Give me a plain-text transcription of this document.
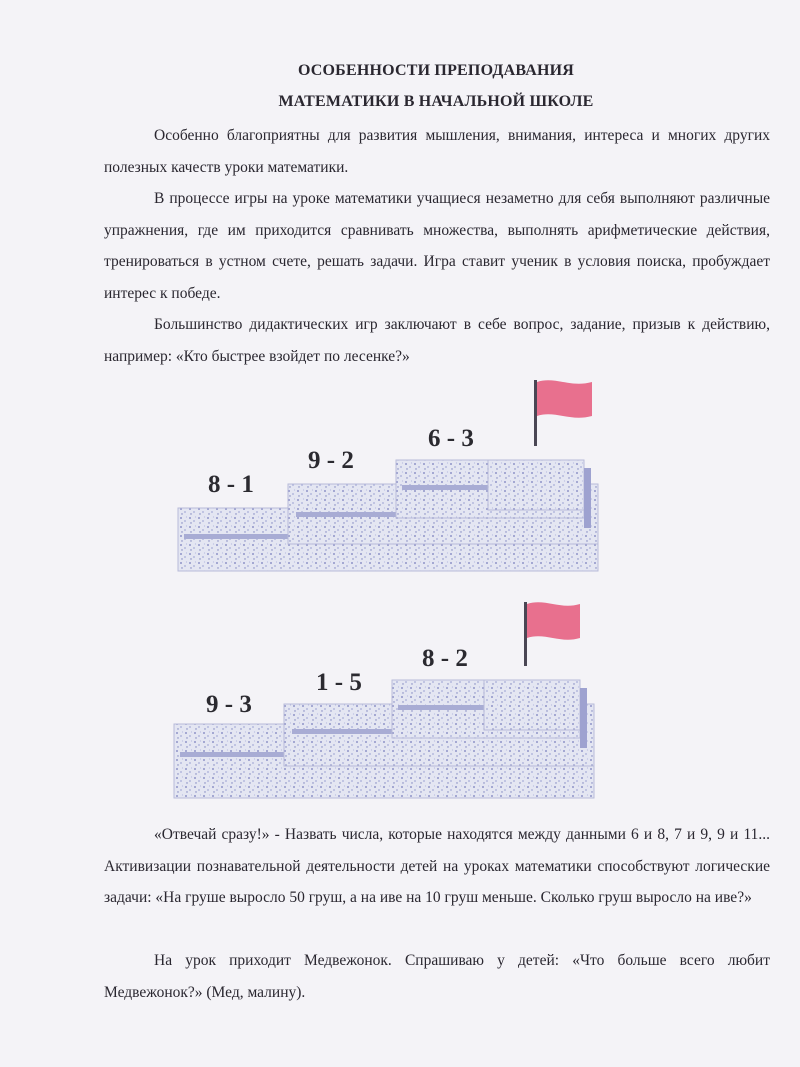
ОСОБЕННОСТИ ПРЕПОДАВАНИЯ
МАТЕМАТИКИ В НАЧАЛЬНОЙ ШКОЛЕ

Особенно благоприятны для развития мышления, внимания, интереса и многих других полезных качеств уроки математики.

В процессе игры на уроке математики учащиеся незаметно для себя выполняют различные упражнения, где им приходится сравнивать множества, выполнять арифметические действия, тренироваться в устном счете, решать задачи. Игра ставит ученик в условия поиска, пробуждает интерес к победе.

Большинство дидактических игр заключают в себе вопрос, задание, призыв к действию, например: «Кто быстрее взойдет по лесенке?»

8 - 1
9 - 2
6 - 3
9 - 3
1 - 5
8 - 2

«Отвечай сразу!» - Назвать числа, которые находятся между данными 6 и 8, 7 и 9, 9 и 11... Активизации познавательной деятельности детей на уроках математики способствуют логические задачи: «На груше выросло 50 груш, а на иве на 10 груш меньше. Сколько груш выросло на иве?»

На урок приходит Медвежонок. Спрашиваю у детей: «Что больше всего любит Медвежонок?» (Мед, малину).
